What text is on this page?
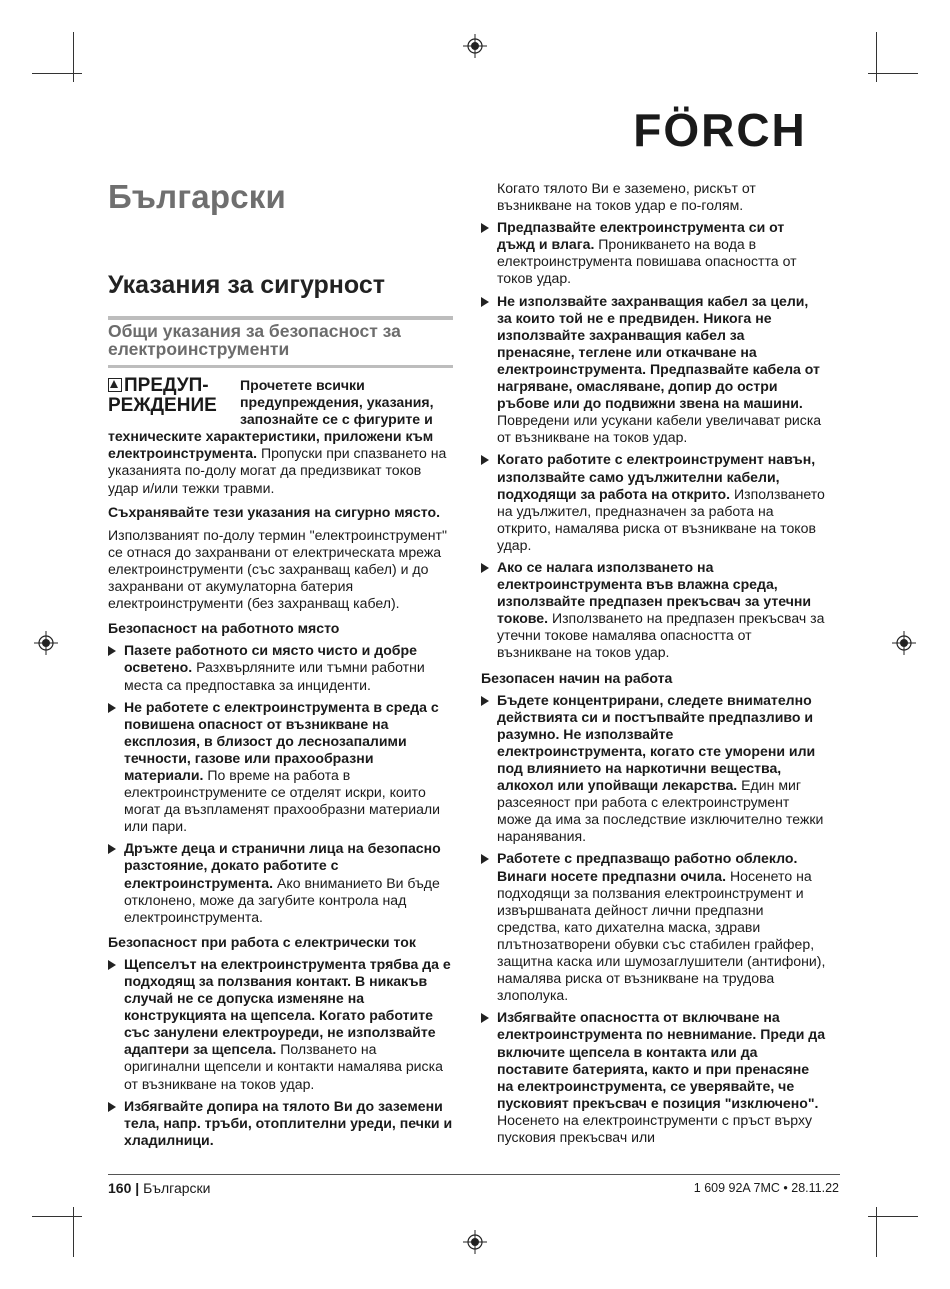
FÖRCH
Български
Указания за сигурност
Общи указания за безопасност за електроинструменти
ПРЕДУП-
РЕЖДЕНИЕ

Прочетете всички предупреждения, указания, запознайте се с фигурите и техническите характеристики, приложени към електроинструмента. Пропуски при спазването на указанията по-долу могат да предизвикат токов удар и/или тежки травми.

Съхранявайте тези указания на сигурно място.

Използваният по-долу термин "електроинструмент" се отнася до захранвани от електрическата мрежа електроинструменти (със захранващ кабел) и до захранвани от акумулаторна батерия електроинструменти (без захранващ кабел).

Безопасност на работното място

Пазете работното си място чисто и добре осветено. Разхвърляните или тъмни работни места са предпоставка за инциденти.
Не работете с електроинструмента в среда с повишена опасност от възникване на експлозия, в близост до леснозапалими течности, газове или прахообразни материали. По време на работа в електроинструмените се отделят искри, които могат да възпламенят прахообразни материали или пари.
Дръжте деца и странични лица на безопасно разстояние, докато работите с електроинструмента. Ако вниманието Ви бъде отклонено, може да загубите контрола над електроинструмента.

Безопасност при работа с електрически ток

Щепселът на електроинструмента трябва да е подходящ за ползвания контакт. В никакъв случай не се допуска изменяне на конструкцията на щепсела. Когато работите със занулени електроуреди, не използвайте адаптери за щепсела. Ползването на оригинални щепсели и контакти намалява риска от възникване на токов удар.
Избягвайте допира на тялото Ви до заземени тела, напр. тръби, отоплителни уреди, печки и хладилници.

Когато тялото Ви е заземено, рискът от възникване на токов удар е по-голям.

Предпазвайте електроинструмента си от дъжд и влага. Проникването на вода в електроинструмента повишава опасността от токов удар.
Не използвайте захранващия кабел за цели, за които той не е предвиден. Никога не използвайте захранващия кабел за пренасяне, теглене или откачване на електроинструмента. Предпазвайте кабела от нагряване, омасляване, допир до остри ръбове или до подвижни звена на машини. Повредени или усукани кабели увеличават риска от възникване на токов удар.
Когато работите с електроинструмент навън, използвайте само удължителни кабели, подходящи за работа на открито. Използването на удължител, предназначен за работа на открито, намалява риска от възникване на токов удар.
Ако се налага използването на електроинструмента във влажна среда, използвайте предпазен прекъсвач за утечни токове. Използването на предпазен прекъсвач за утечни токове намалява опасността от възникване на токов удар.

Безопасен начин на работа

Бъдете концентрирани, следете внимателно действията си и постъпвайте предпазливо и разумно. Не използвайте електроинструмента, когато сте уморени или под влиянието на наркотични вещества, алкохол или упойващи лекарства. Един миг разсеяност при работа с електроинструмент може да има за последствие изключително тежки наранявания.
Работете с предпазващо работно облекло. Винаги носете предпазни очила. Носенето на подходящи за ползвания електроинструмент и извършваната дейност лични предпазни средства, като дихателна маска, здрави плътнозатворени обувки със стабилен грайфер, защитна каска или шумозаглушители (антифони), намалява риска от възникване на трудова злополука.
Избягвайте опасността от включване на електроинструмента по невнимание. Преди да включите щепсела в контакта или да поставите батерията, както и при пренасяне на електроинструмента, се уверявайте, че пусковият прекъсвач е позиция "изключено". Носенето на електроинструменти с пръст върху пусковия прекъсвач или
160 | Български	1 609 92A 7MC • 28.11.22
